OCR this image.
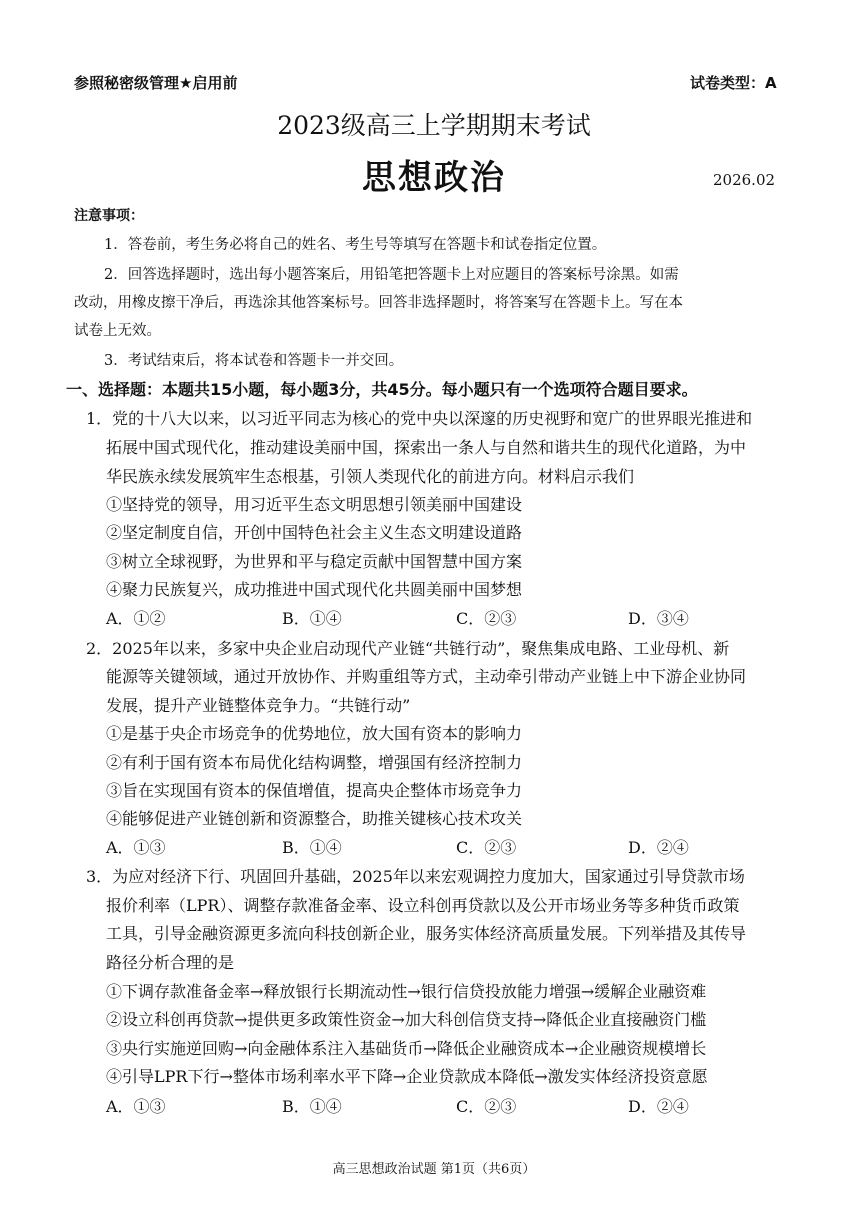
参照秘密级管理★启用前	试卷类型：A
2023级高三上学期期末考试
思想政治	2026.02
注意事项：
1．答卷前，考生务必将自己的姓名、考生号等填写在答题卡和试卷指定位置。
2．回答选择题时，选出每小题答案后，用铅笔把答题卡上对应题目的答案标号涂黑。如需
改动，用橡皮擦干净后，再选涂其他答案标号。回答非选择题时，将答案写在答题卡上。写在本
试卷上无效。
3．考试结束后，将本试卷和答题卡一并交回。
一、选择题：本题共15小题，每小题3分，共45分。每小题只有一个选项符合题目要求。
1．党的十八大以来，以习近平同志为核心的党中央以深邃的历史视野和宽广的世界眼光推进和
拓展中国式现代化，推动建设美丽中国，探索出一条人与自然和谐共生的现代化道路，为中
华民族永续发展筑牢生态根基，引领人类现代化的前进方向。材料启示我们
①坚持党的领导，用习近平生态文明思想引领美丽中国建设
②坚定制度自信，开创中国特色社会主义生态文明建设道路
③树立全球视野，为世界和平与稳定贡献中国智慧中国方案
④聚力民族复兴，成功推进中国式现代化共圆美丽中国梦想
A．①②	B．①④	C．②③	D．③④
2．2025年以来，多家中央企业启动现代产业链“共链行动”，聚焦集成电路、工业母机、新
能源等关键领域，通过开放协作、并购重组等方式，主动牵引带动产业链上中下游企业协同
发展，提升产业链整体竞争力。“共链行动”
①是基于央企市场竞争的优势地位，放大国有资本的影响力
②有利于国有资本布局优化结构调整，增强国有经济控制力
③旨在实现国有资本的保值增值，提高央企整体市场竞争力
④能够促进产业链创新和资源整合，助推关键核心技术攻关
A．①③	B．①④	C．②③	D．②④
3．为应对经济下行、巩固回升基础，2025年以来宏观调控力度加大，国家通过引导贷款市场
报价利率（LPR）、调整存款准备金率、设立科创再贷款以及公开市场业务等多种货币政策
工具，引导金融资源更多流向科技创新企业，服务实体经济高质量发展。下列举措及其传导
路径分析合理的是
①下调存款准备金率→释放银行长期流动性→银行信贷投放能力增强→缓解企业融资难
②设立科创再贷款→提供更多政策性资金→加大科创信贷支持→降低企业直接融资门槛
③央行实施逆回购→向金融体系注入基础货币→降低企业融资成本→企业融资规模增长
④引导LPR下行→整体市场利率水平下降→企业贷款成本降低→激发实体经济投资意愿
A．①③	B．①④	C．②③	D．②④
高三思想政治试题 第1页（共6页）
